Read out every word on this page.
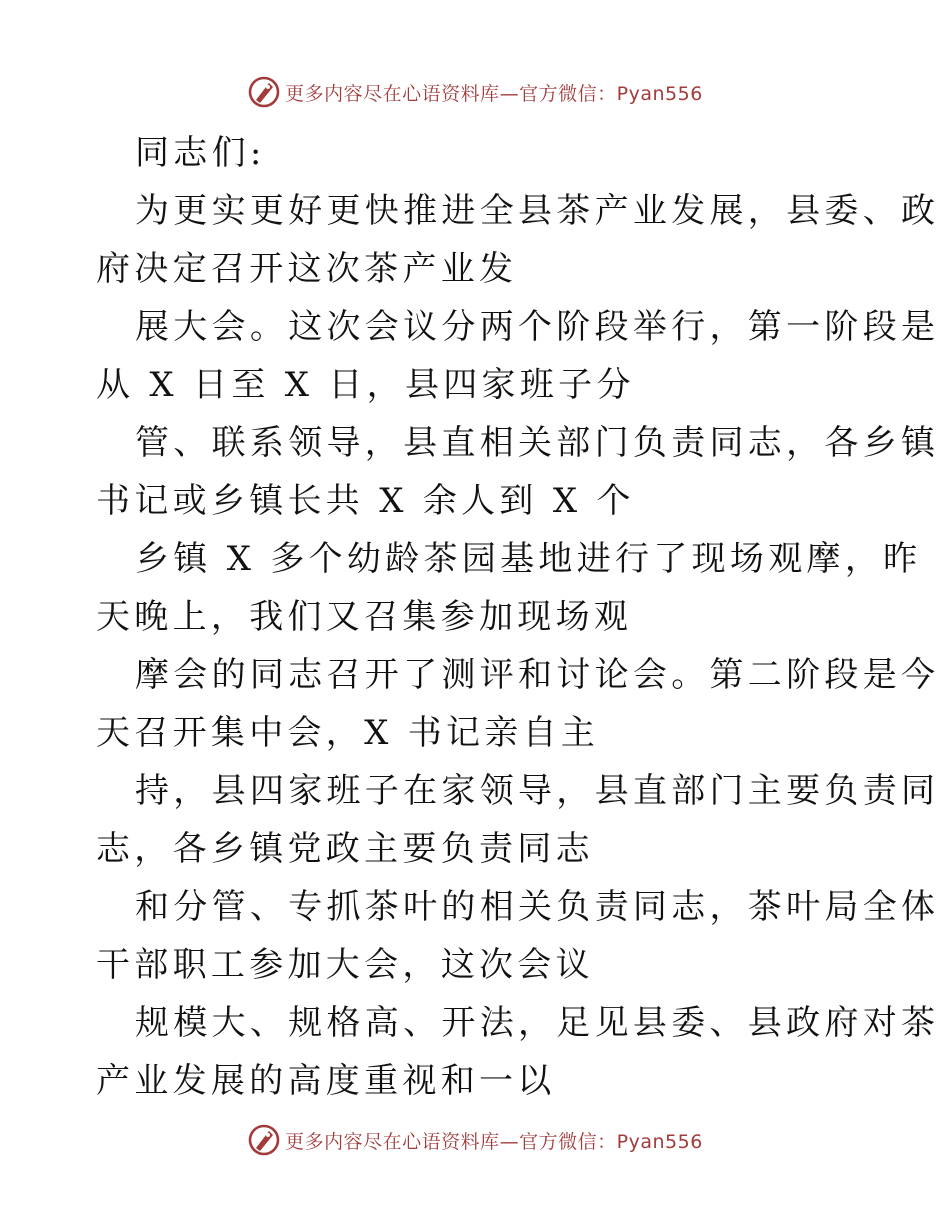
更多内容尽在心语资料库—官方微信：Pyan556
同志们:
为更实更好更快推进全县茶产业发展，县委、政
府决定召开这次茶产业发
展大会。这次会议分两个阶段举行，第一阶段是
从 X 日至 X 日，县四家班子分
管、联系领导，县直相关部门负责同志，各乡镇
书记或乡镇长共 X 余人到 X 个
乡镇 X 多个幼龄茶园基地进行了现场观摩，昨
天晚上，我们又召集参加现场观
摩会的同志召开了测评和讨论会。第二阶段是今
天召开集中会，X 书记亲自主
持，县四家班子在家领导，县直部门主要负责同
志，各乡镇党政主要负责同志
和分管、专抓茶叶的相关负责同志，茶叶局全体
干部职工参加大会，这次会议
规模大、规格高、开法，足见县委、县政府对茶
产业发展的高度重视和一以
更多内容尽在心语资料库—官方微信：Pyan556
